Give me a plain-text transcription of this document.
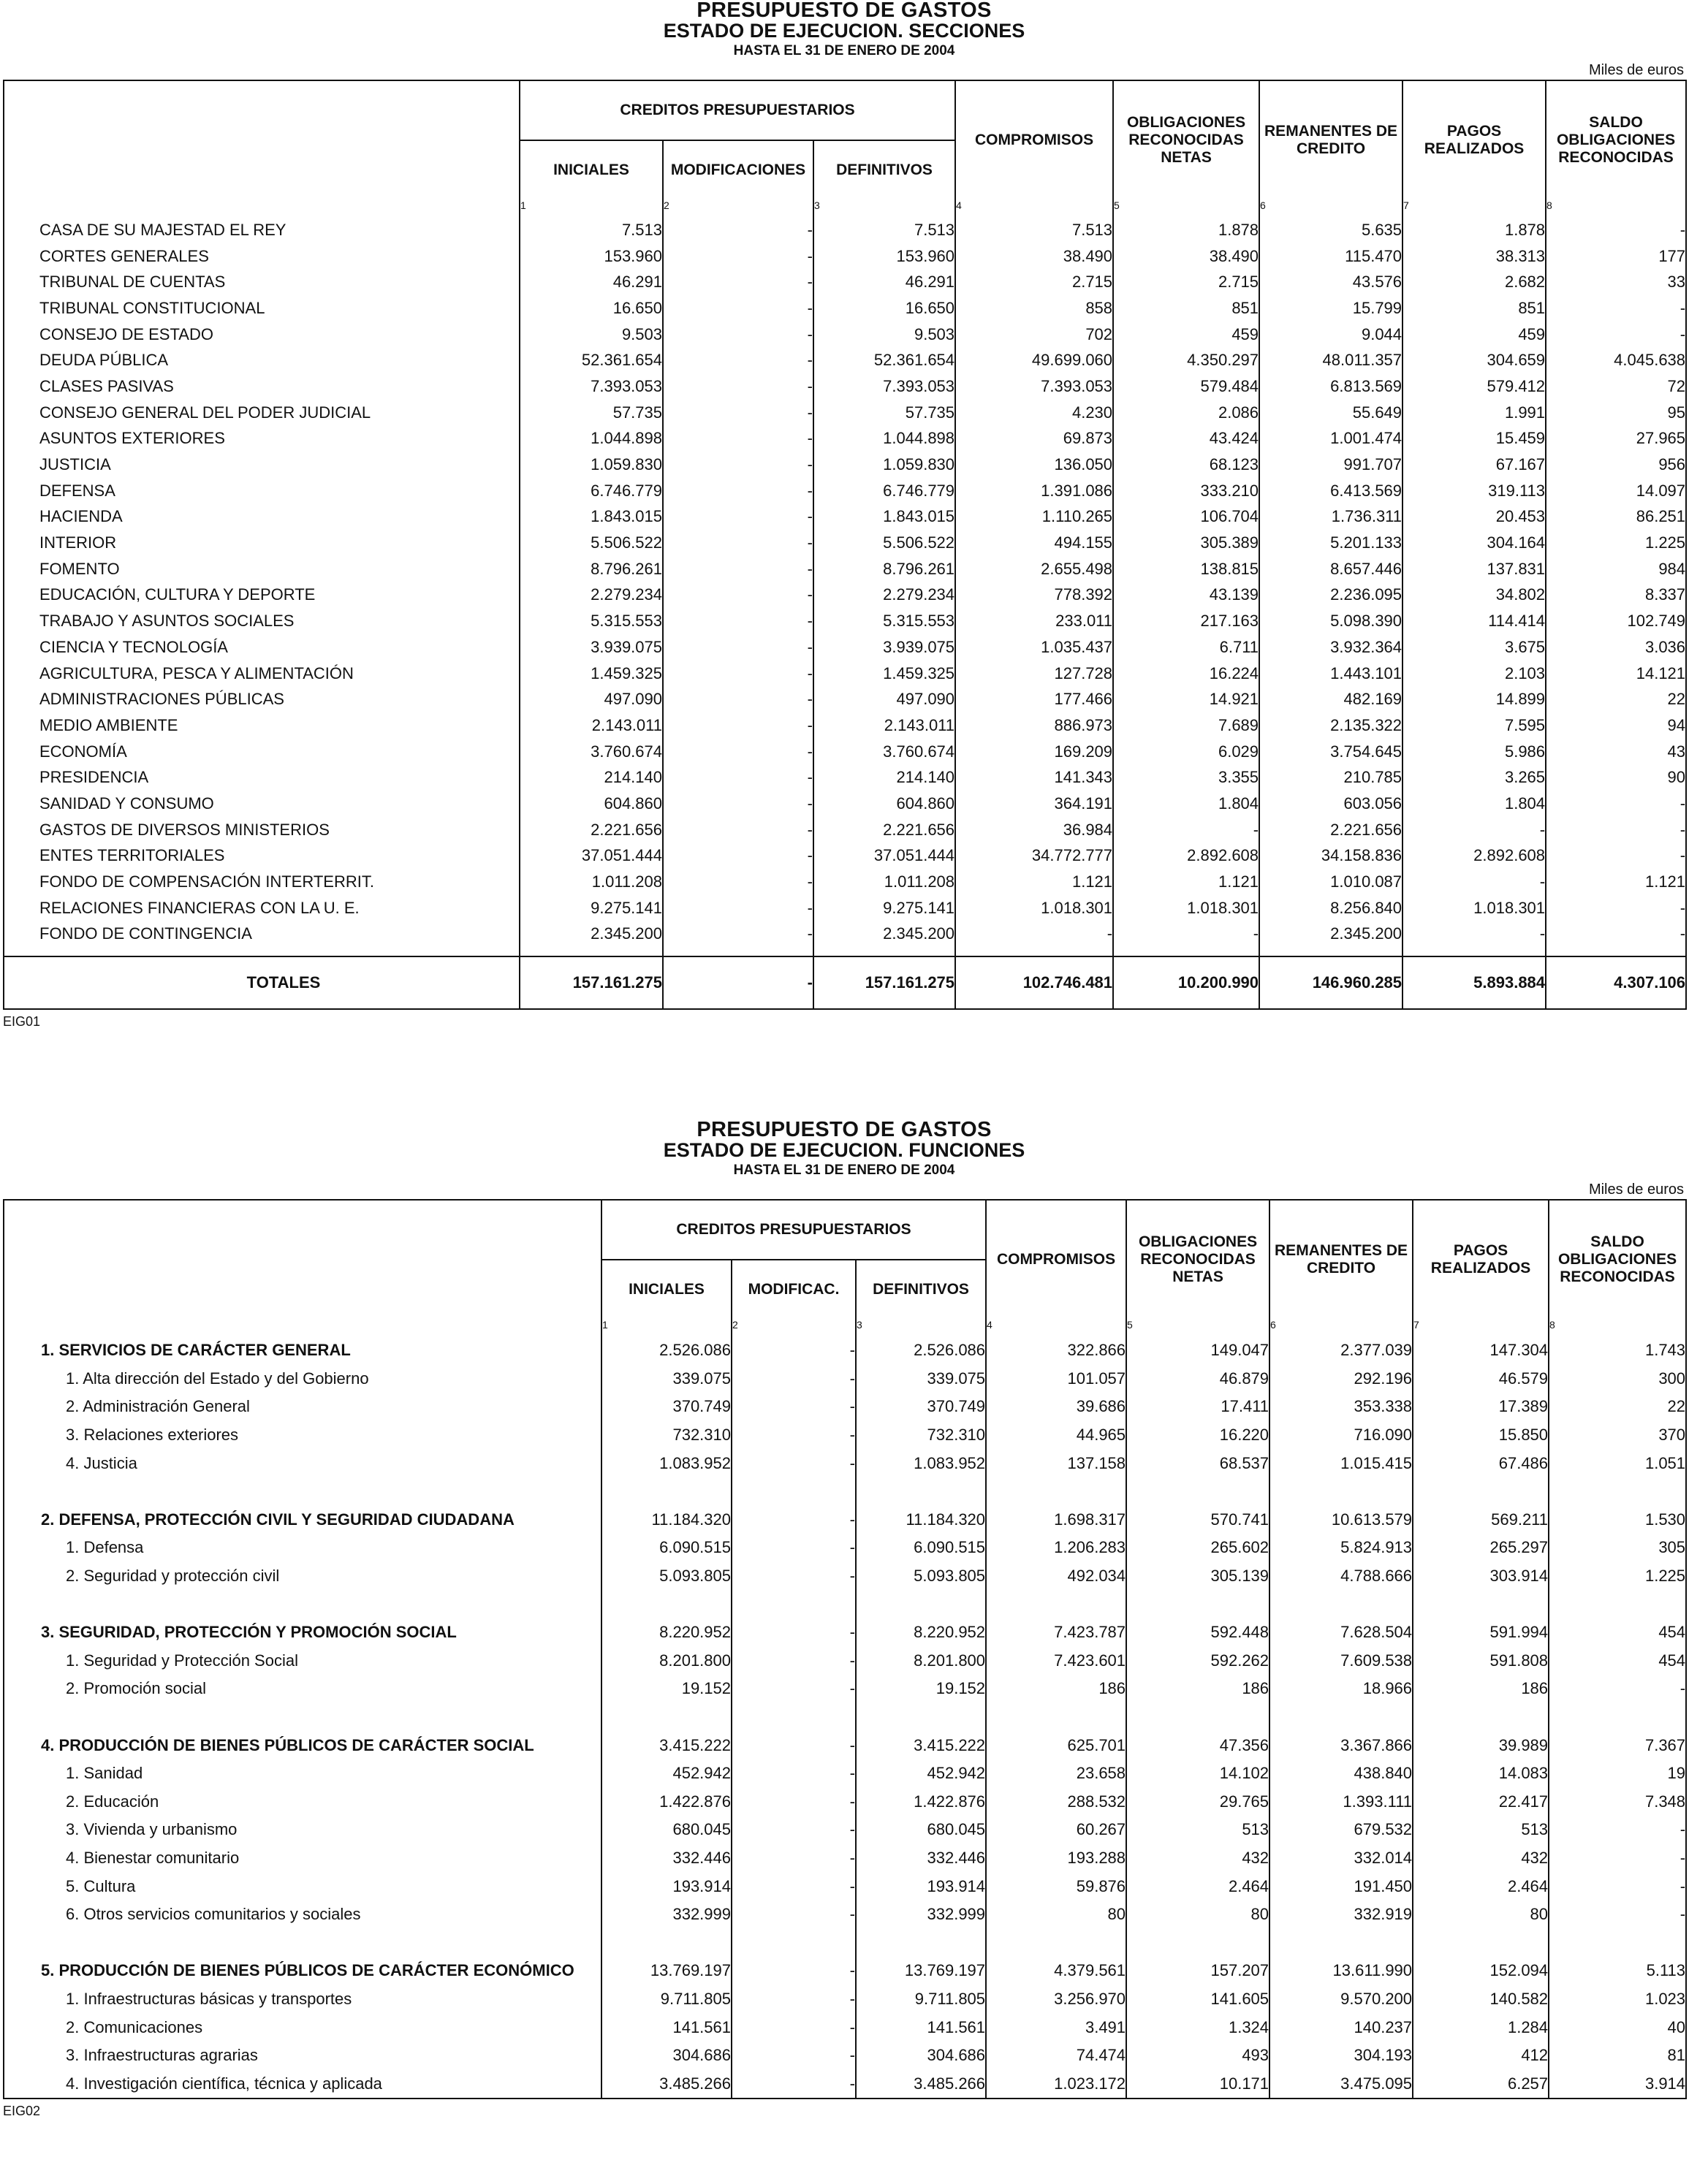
PRESUPUESTO DE GASTOS
ESTADO DE EJECUCION. SECCIONES
HASTA EL 31 DE ENERO DE 2004
Miles de euros
	CREDITOS PRESUPUESTARIOS			COMPROMISOS	OBLIGACIONES RECONOCIDAS NETAS	REMANENTES DE CREDITO	PAGOS REALIZADOS	SALDO OBLIGACIONES RECONOCIDAS
	INICIALES	MODIFICACIONES	DEFINITIVOS					
	1	2	3	4	5	6	7	8
CASA DE SU MAJESTAD EL REY	7.513	-	7.513	7.513	1.878	5.635	1.878	-
CORTES GENERALES	153.960	-	153.960	38.490	38.490	115.470	38.313	177
TRIBUNAL DE CUENTAS	46.291	-	46.291	2.715	2.715	43.576	2.682	33
TRIBUNAL CONSTITUCIONAL	16.650	-	16.650	858	851	15.799	851	-
CONSEJO DE ESTADO	9.503	-	9.503	702	459	9.044	459	-
DEUDA PÚBLICA	52.361.654	-	52.361.654	49.699.060	4.350.297	48.011.357	304.659	4.045.638
CLASES PASIVAS	7.393.053	-	7.393.053	7.393.053	579.484	6.813.569	579.412	72
CONSEJO GENERAL DEL PODER JUDICIAL	57.735	-	57.735	4.230	2.086	55.649	1.991	95
ASUNTOS EXTERIORES	1.044.898	-	1.044.898	69.873	43.424	1.001.474	15.459	27.965
JUSTICIA	1.059.830	-	1.059.830	136.050	68.123	991.707	67.167	956
DEFENSA	6.746.779	-	6.746.779	1.391.086	333.210	6.413.569	319.113	14.097
HACIENDA	1.843.015	-	1.843.015	1.110.265	106.704	1.736.311	20.453	86.251
INTERIOR	5.506.522	-	5.506.522	494.155	305.389	5.201.133	304.164	1.225
FOMENTO	8.796.261	-	8.796.261	2.655.498	138.815	8.657.446	137.831	984
EDUCACIÓN, CULTURA Y DEPORTE	2.279.234	-	2.279.234	778.392	43.139	2.236.095	34.802	8.337
TRABAJO Y ASUNTOS SOCIALES	5.315.553	-	5.315.553	233.011	217.163	5.098.390	114.414	102.749
CIENCIA Y TECNOLOGÍA	3.939.075	-	3.939.075	1.035.437	6.711	3.932.364	3.675	3.036
AGRICULTURA, PESCA Y ALIMENTACIÓN	1.459.325	-	1.459.325	127.728	16.224	1.443.101	2.103	14.121
ADMINISTRACIONES PÚBLICAS	497.090	-	497.090	177.466	14.921	482.169	14.899	22
MEDIO AMBIENTE	2.143.011	-	2.143.011	886.973	7.689	2.135.322	7.595	94
ECONOMÍA	3.760.674	-	3.760.674	169.209	6.029	3.754.645	5.986	43
PRESIDENCIA	214.140	-	214.140	141.343	3.355	210.785	3.265	90
SANIDAD Y CONSUMO	604.860	-	604.860	364.191	1.804	603.056	1.804	-
GASTOS DE DIVERSOS MINISTERIOS	2.221.656	-	2.221.656	36.984	-	2.221.656	-	-
ENTES TERRITORIALES	37.051.444	-	37.051.444	34.772.777	2.892.608	34.158.836	2.892.608	-
FONDO DE COMPENSACIÓN INTERTERRIT.	1.011.208	-	1.011.208	1.121	1.121	1.010.087	-	1.121
RELACIONES FINANCIERAS CON LA U. E.	9.275.141	-	9.275.141	1.018.301	1.018.301	8.256.840	1.018.301	-
FONDO DE CONTINGENCIA	2.345.200	-	2.345.200	-	-	2.345.200	-	-

TOTALES	157.161.275	-	157.161.275	102.746.481	10.200.990	146.960.285	5.893.884	4.307.106
EIG01
PRESUPUESTO DE GASTOS
ESTADO DE EJECUCION. FUNCIONES
HASTA EL 31 DE ENERO DE 2004
Miles de euros
	CREDITOS PRESUPUESTARIOS			COMPROMISOS	OBLIGACIONES RECONOCIDAS NETAS	REMANENTES DE CREDITO	PAGOS REALIZADOS	SALDO OBLIGACIONES RECONOCIDAS
	INICIALES	MODIFICAC.	DEFINITIVOS					
	1	2	3	4	5	6	7	8
1. SERVICIOS DE CARÁCTER GENERAL	2.526.086	-	2.526.086	322.866	149.047	2.377.039	147.304	1.743
1. Alta dirección del Estado y del Gobierno	339.075	-	339.075	101.057	46.879	292.196	46.579	300
2. Administración General	370.749	-	370.749	39.686	17.411	353.338	17.389	22
3. Relaciones exteriores	732.310	-	732.310	44.965	16.220	716.090	15.850	370
4. Justicia	1.083.952	-	1.083.952	137.158	68.537	1.015.415	67.486	1.051

2. DEFENSA, PROTECCIÓN CIVIL Y SEGURIDAD CIUDADANA	11.184.320	-	11.184.320	1.698.317	570.741	10.613.579	569.211	1.530
1. Defensa	6.090.515	-	6.090.515	1.206.283	265.602	5.824.913	265.297	305
2. Seguridad y protección civil	5.093.805	-	5.093.805	492.034	305.139	4.788.666	303.914	1.225

3. SEGURIDAD, PROTECCIÓN Y PROMOCIÓN SOCIAL	8.220.952	-	8.220.952	7.423.787	592.448	7.628.504	591.994	454
1. Seguridad y Protección Social	8.201.800	-	8.201.800	7.423.601	592.262	7.609.538	591.808	454
2. Promoción social	19.152	-	19.152	186	186	18.966	186	-

4. PRODUCCIÓN DE BIENES PÚBLICOS DE CARÁCTER SOCIAL	3.415.222	-	3.415.222	625.701	47.356	3.367.866	39.989	7.367
1. Sanidad	452.942	-	452.942	23.658	14.102	438.840	14.083	19
2. Educación	1.422.876	-	1.422.876	288.532	29.765	1.393.111	22.417	7.348
3. Vivienda y urbanismo	680.045	-	680.045	60.267	513	679.532	513	-
4. Bienestar comunitario	332.446	-	332.446	193.288	432	332.014	432	-
5. Cultura	193.914	-	193.914	59.876	2.464	191.450	2.464	-
6. Otros servicios comunitarios y sociales	332.999	-	332.999	80	80	332.919	80	-

5. PRODUCCIÓN DE BIENES PÚBLICOS DE CARÁCTER ECONÓMICO	13.769.197	-	13.769.197	4.379.561	157.207	13.611.990	152.094	5.113
1. Infraestructuras básicas y transportes	9.711.805	-	9.711.805	3.256.970	141.605	9.570.200	140.582	1.023
2. Comunicaciones	141.561	-	141.561	3.491	1.324	140.237	1.284	40
3. Infraestructuras agrarias	304.686	-	304.686	74.474	493	304.193	412	81
4. Investigación científica, técnica y aplicada	3.485.266	-	3.485.266	1.023.172	10.171	3.475.095	6.257	3.914
EIG02
